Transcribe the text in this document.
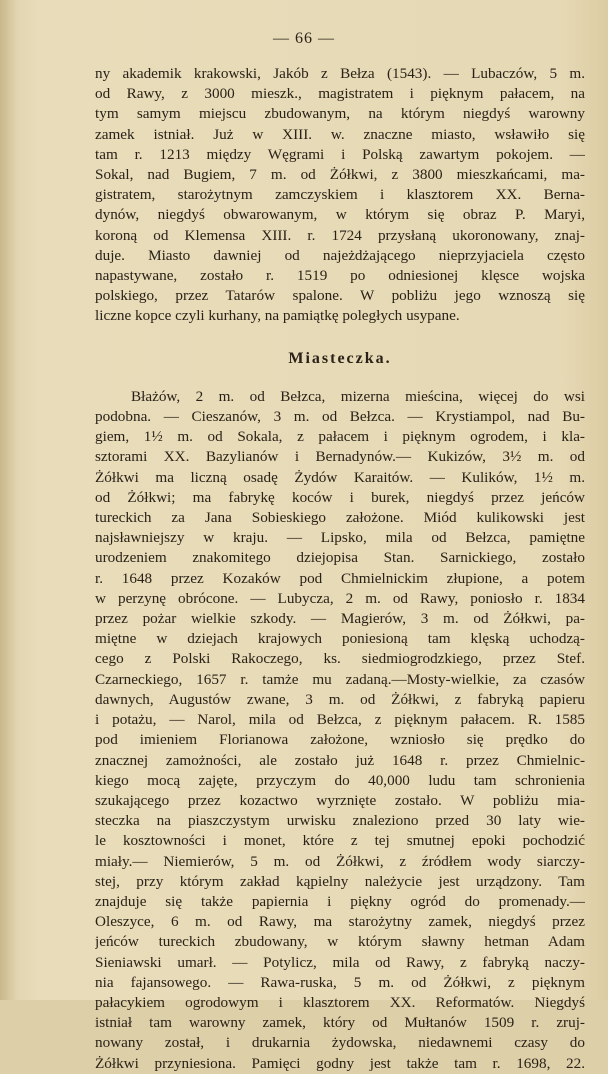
— 66 —
ny akademik krakowski, Jakób z Bełza (1543). — Lubaczów, 5 m.
od Rawy, z 3000 mieszk., magistratem i pięknym pałacem, na
tym samym miejscu zbudowanym, na którym niegdyś warowny
zamek istniał. Już w XIII. w. znaczne miasto, wsławiło się
tam r. 1213 między Węgrami i Polską zawartym pokojem. —
Sokal, nad Bugiem, 7 m. od Żółkwi, z 3800 mieszkańcami, ma-
gistratem, starożytnym zamczyskiem i klasztorem XX. Berna-
dynów, niegdyś obwarowanym, w którym się obraz P. Maryi,
koroną od Klemensa XIII. r. 1724 przysłaną ukoronowany, znaj-
duje. Miasto dawniej od najeżdżającego nieprzyjaciela często
napastywane, zostało r. 1519 po odniesionej klęsce wojska
polskiego, przez Tatarów spalone. W pobliżu jego wznoszą się
liczne kopce czyli kurhany, na pamiątkę poległych usypane.
Miasteczka.
Błażów, 2 m. od Bełzca, mizerna mieścina, więcej do wsi
podobna. — Cieszanów, 3 m. od Bełzca. — Krystiampol, nad Bu-
giem, 1½ m. od Sokala, z pałacem i pięknym ogrodem, i kla-
sztorami XX. Bazylianów i Bernadynów.— Kukizów, 3½ m. od
Żółkwi ma liczną osadę Żydów Karaitów. — Kulików, 1½ m.
od Żółkwi; ma fabrykę koców i burek, niegdyś przez jeńców
tureckich za Jana Sobieskiego założone. Miód kulikowski jest
najsławniejszy w kraju. — Lipsko, mila od Bełzca, pamiętne
urodzeniem znakomitego dziejopisa Stan. Sarnickiego, zostało
r. 1648 przez Kozaków pod Chmielnickim złupione, a potem
w perzynę obrócone. — Lubycza, 2 m. od Rawy, poniosło r. 1834
przez pożar wielkie szkody. — Magierów, 3 m. od Żółkwi, pa-
miętne w dziejach krajowych poniesioną tam klęską uchodzą-
cego z Polski Rakoczego, ks. siedmiogrodzkiego, przez Stef.
Czarneckiego, 1657 r. tamże mu zadaną.—Mosty-wielkie, za czasów
dawnych, Augustów zwane, 3 m. od Żółkwi, z fabryką papieru
i potażu, — Narol, mila od Bełzca, z pięknym pałacem. R. 1585
pod imieniem Florianowa założone, wzniosło się prędko do
znacznej zamożności, ale zostało już 1648 r. przez Chmielnic-
kiego mocą zajęte, przyczym do 40,000 ludu tam schronienia
szukającego przez kozactwo wyrznięte zostało. W pobliżu mia-
steczka na piaszczystym urwisku znaleziono przed 30 laty wie-
le kosztowności i monet, które z tej smutnej epoki pochodzić
miały.— Niemierów, 5 m. od Żółkwi, z źródłem wody siarczy-
stej, przy którym zakład kąpielny należycie jest urządzony. Tam
znajduje się także papiernia i piękny ogród do promenady.—
Oleszyce, 6 m. od Rawy, ma starożytny zamek, niegdyś przez
jeńców tureckich zbudowany, w którym sławny hetman Adam
Sieniawski umarł. — Potylicz, mila od Rawy, z fabryką naczy-
nia fajansowego. — Rawa-ruska, 5 m. od Żółkwi, z pięknym
pałacykiem ogrodowym i klasztorem XX. Reformatów. Niegdyś
istniał tam warowny zamek, który od Mułtanów 1509 r. zruj-
nowany został, i drukarnia żydowska, niedawnemi czasy do
Żółkwi przyniesiona. Pamięci godny jest także tam r. 1698, 22.
